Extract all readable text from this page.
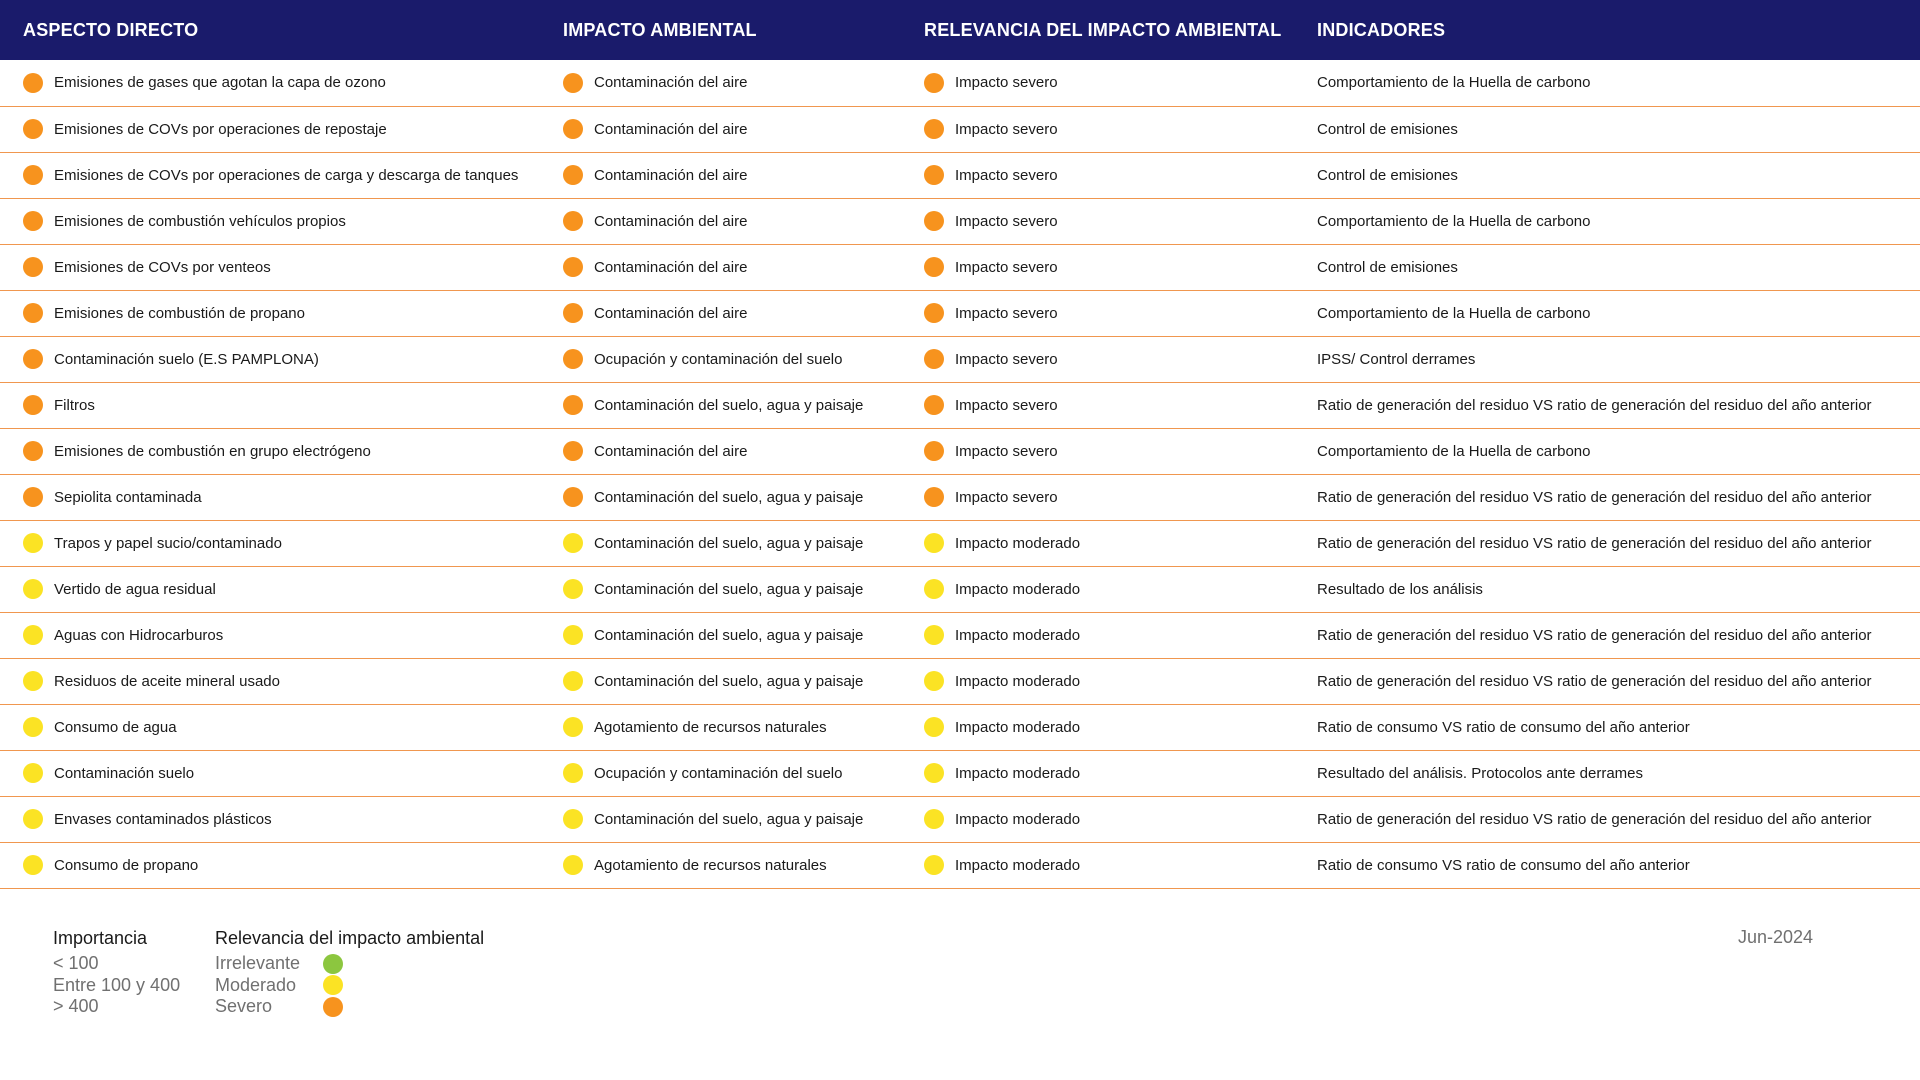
ASPECTO DIRECTO	IMPACTO AMBIENTAL	RELEVANCIA DEL IMPACTO AMBIENTAL	INDICADORES

Emisiones de gases que agotan la capa de ozono	Contaminación del aire	Impacto severo	Comportamiento de la Huella de carbono

Emisiones de COVs por operaciones de repostaje	Contaminación del aire	Impacto severo	Control de emisiones

Emisiones de COVs por operaciones de carga y descarga de tanques	Contaminación del aire	Impacto severo	Control de emisiones

Emisiones de combustión vehículos propios	Contaminación del aire	Impacto severo	Comportamiento de la Huella de carbono

Emisiones de COVs por venteos	Contaminación del aire	Impacto severo	Control de emisiones

Emisiones de combustión de propano	Contaminación del aire	Impacto severo	Comportamiento de la Huella de carbono

Contaminación suelo (E.S PAMPLONA)	Ocupación y contaminación del suelo	Impacto severo	IPSS/ Control derrames

Filtros	Contaminación del suelo, agua y paisaje	Impacto severo	Ratio de generación del residuo VS ratio de generación del residuo del año anterior

Emisiones de combustión en grupo electrógeno	Contaminación del aire	Impacto severo	Comportamiento de la Huella de carbono

Sepiolita contaminada	Contaminación del suelo, agua y paisaje	Impacto severo	Ratio de generación del residuo VS ratio de generación del residuo del año anterior

Trapos y papel sucio/contaminado	Contaminación del suelo, agua y paisaje	Impacto moderado	Ratio de generación del residuo VS ratio de generación del residuo del año anterior

Vertido de agua residual	Contaminación del suelo, agua y paisaje	Impacto moderado	Resultado de los análisis

Aguas con Hidrocarburos	Contaminación del suelo, agua y paisaje	Impacto moderado	Ratio de generación del residuo VS ratio de generación del residuo del año anterior

Residuos de aceite mineral usado	Contaminación del suelo, agua y paisaje	Impacto moderado	Ratio de generación del residuo VS ratio de generación del residuo del año anterior

Consumo de agua	Agotamiento de recursos naturales	Impacto moderado	Ratio de consumo VS ratio de consumo del año anterior

Contaminación suelo	Ocupación y contaminación del suelo	Impacto moderado	Resultado del análisis. Protocolos ante derrames

Envases contaminados plásticos	Contaminación del suelo, agua y paisaje	Impacto moderado	Ratio de generación del residuo VS ratio de generación del residuo del año anterior

Consumo de propano	Agotamiento de recursos naturales	Impacto moderado	Ratio de consumo VS ratio de consumo del año anterior
Importancia
< 100
Entre 100 y 400
> 400
Relevancia del impacto ambiental
Irrelevante
Moderado
Severo
Jun-2024
